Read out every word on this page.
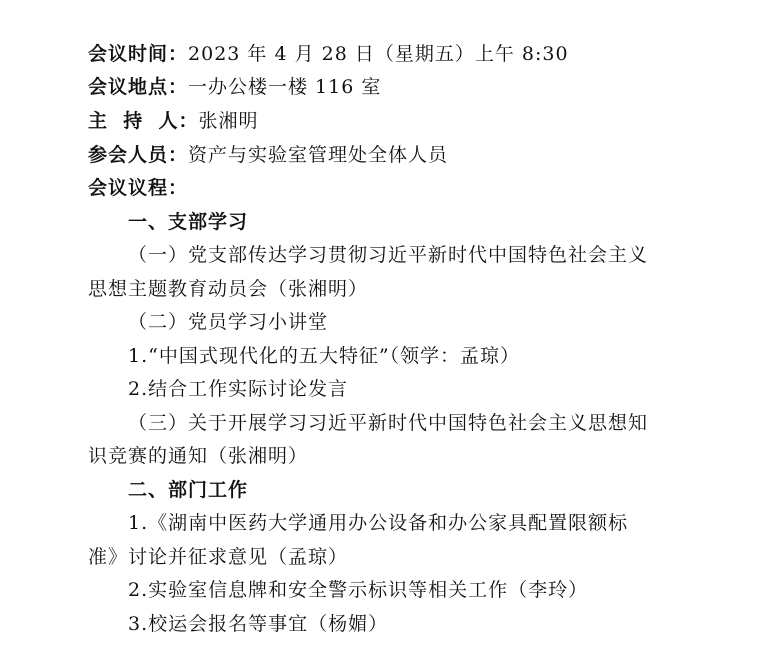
会议时间：2023 年 4 月 28 日（星期五）上午 8:30
会议地点：一办公楼一楼 116 室
主  持  人：张湘明
参会人员：资产与实验室管理处全体人员
会议议程：
一、支部学习
（一）党支部传达学习贯彻习近平新时代中国特色社会主义
思想主题教育动员会（张湘明）
（二）党员学习小讲堂
1.“中国式现代化的五大特征”（领学：孟琼）
2.结合工作实际讨论发言
（三）关于开展学习习近平新时代中国特色社会主义思想知
识竞赛的通知（张湘明）
二、部门工作
1.《湖南中医药大学通用办公设备和办公家具配置限额标
准》讨论并征求意见（孟琼）
2.实验室信息牌和安全警示标识等相关工作（李玲）
3.校运会报名等事宜（杨媚）
